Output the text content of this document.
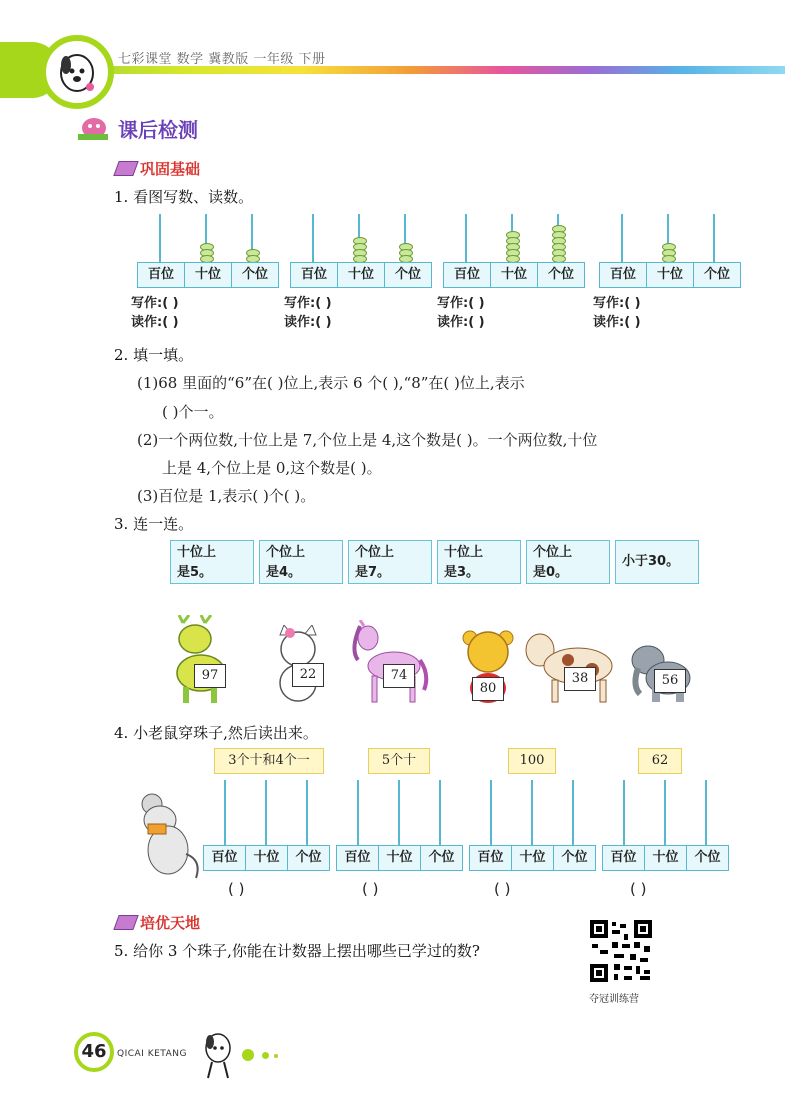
七彩课堂 数学 冀教版 一年级 下册
课后检测
巩固基础
1. 看图写数、读数。
百位	十位	个位
写作:( )
读作:( )
百位	十位	个位
写作:( )
读作:( )
百位	十位	个位
写作:( )
读作:( )
百位	十位	个位
写作:( )
读作:( )
2. 填一填。
(1)68 里面的“6”在( )位上,表示 6 个( ),“8”在( )位上,表示
( )个一。
(2)一个两位数,十位上是 7,个位上是 4,这个数是( )。一个两位数,十位
上是 4,个位上是 0,这个数是( )。
(3)百位是 1,表示( )个( )。
3. 连一连。
十位上
是5。
个位上
是4。
个位上
是7。
十位上
是3。
个位上
是0。
小于30。
97	22	74
80
38	56
4. 小老鼠穿珠子,然后读出来。
3个十和4个一	5个十	100	62
百位	十位	个位	百位	十位	个位	百位	十位	个位	百位	十位	个位
( )	( )	( )	( )
培优天地
5. 给你 3 个珠子,你能在计数器上摆出哪些已学过的数?
夺冠训练营
46	QICAI KETANG
